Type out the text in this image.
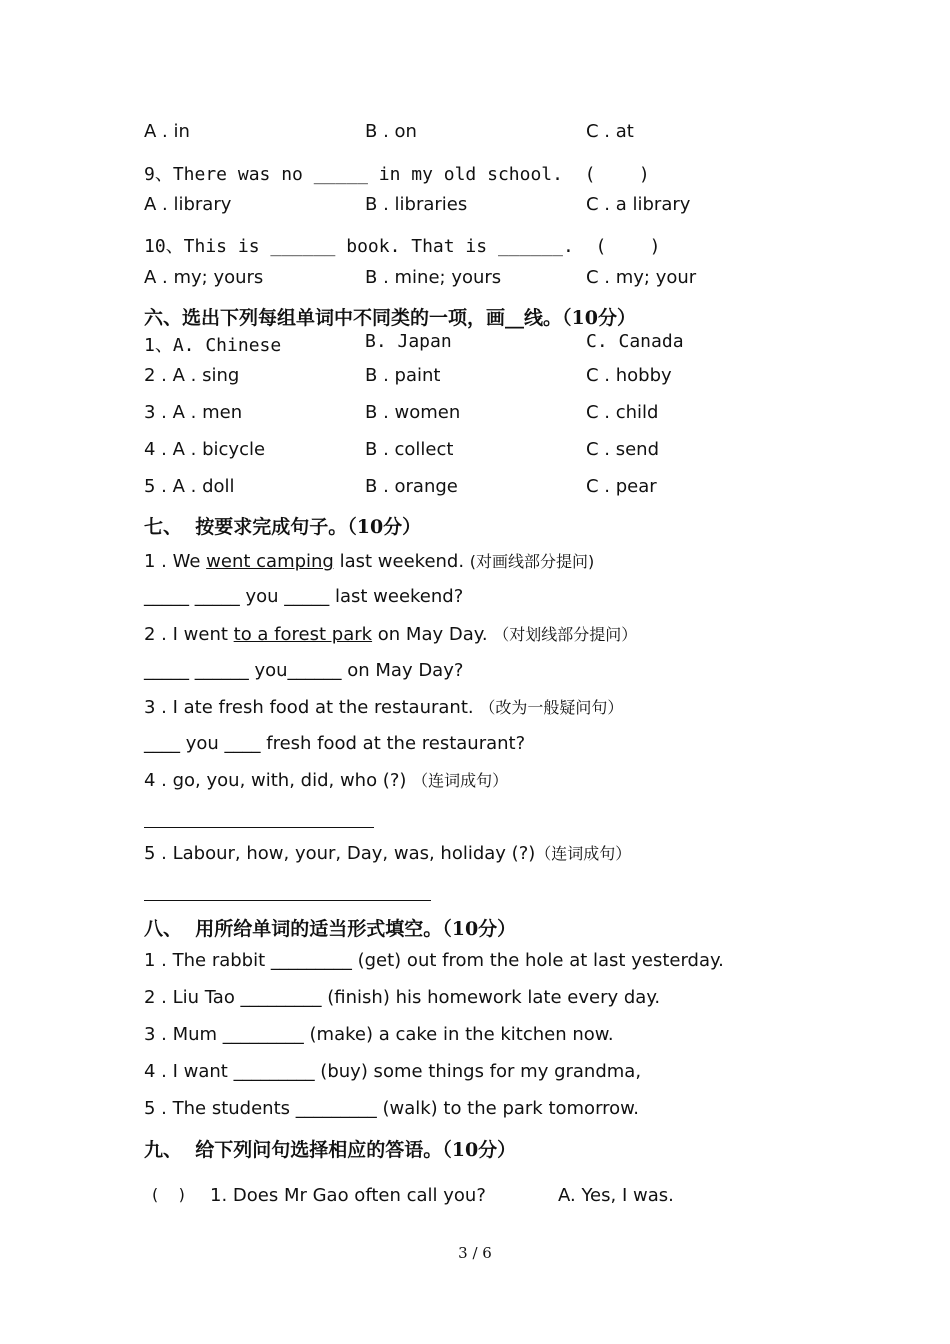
A . in	B . on	C . at
9、There was no _____ in my old school.  (    )
A . library	B . libraries	C . a library
10、This is ______ book. That is ______.  (    )
A . my; yours	B . mine; yours	C . my; your
六、选出下列每组单词中不同类的一项，画__线。（10分）
1、A. Chinese	B. Japan	C. Canada
2 . A . sing	B . paint	C . hobby
3 . A . men	B . women	C . child
4 . A . bicycle	B . collect	C . send
5 . A . doll	B . orange	C . pear
七、  按要求完成句子。（10分）
1 . We went camping last weekend. (对画线部分提问)
_____ _____ you _____ last weekend?
2 . I went to a forest park on May Day. （对划线部分提问）
_____ ______ you______ on May Day?
3 . I ate fresh food at the restaurant. （改为一般疑问句）
____ you ____ fresh food at the restaurant?
4 . go, you, with, did, who (?) （连词成句）
5 . Labour, how, your, Day, was, holiday (?)（连词成句）
八、  用所给单词的适当形式填空。（10分）
1 . The rabbit _________ (get) out from the hole at last yesterday.
2 . Liu Tao _________ (finish) his homework late every day.
3 . Mum _________ (make) a cake in the kitchen now.
4 . I want _________ (buy) some things for my grandma,
5 . The students _________ (walk) to the park tomorrow.
九、  给下列问句选择相应的答语。（10分）
(    ) 1. Does Mr Gao often call you?	A. Yes, I was.
3 / 6
